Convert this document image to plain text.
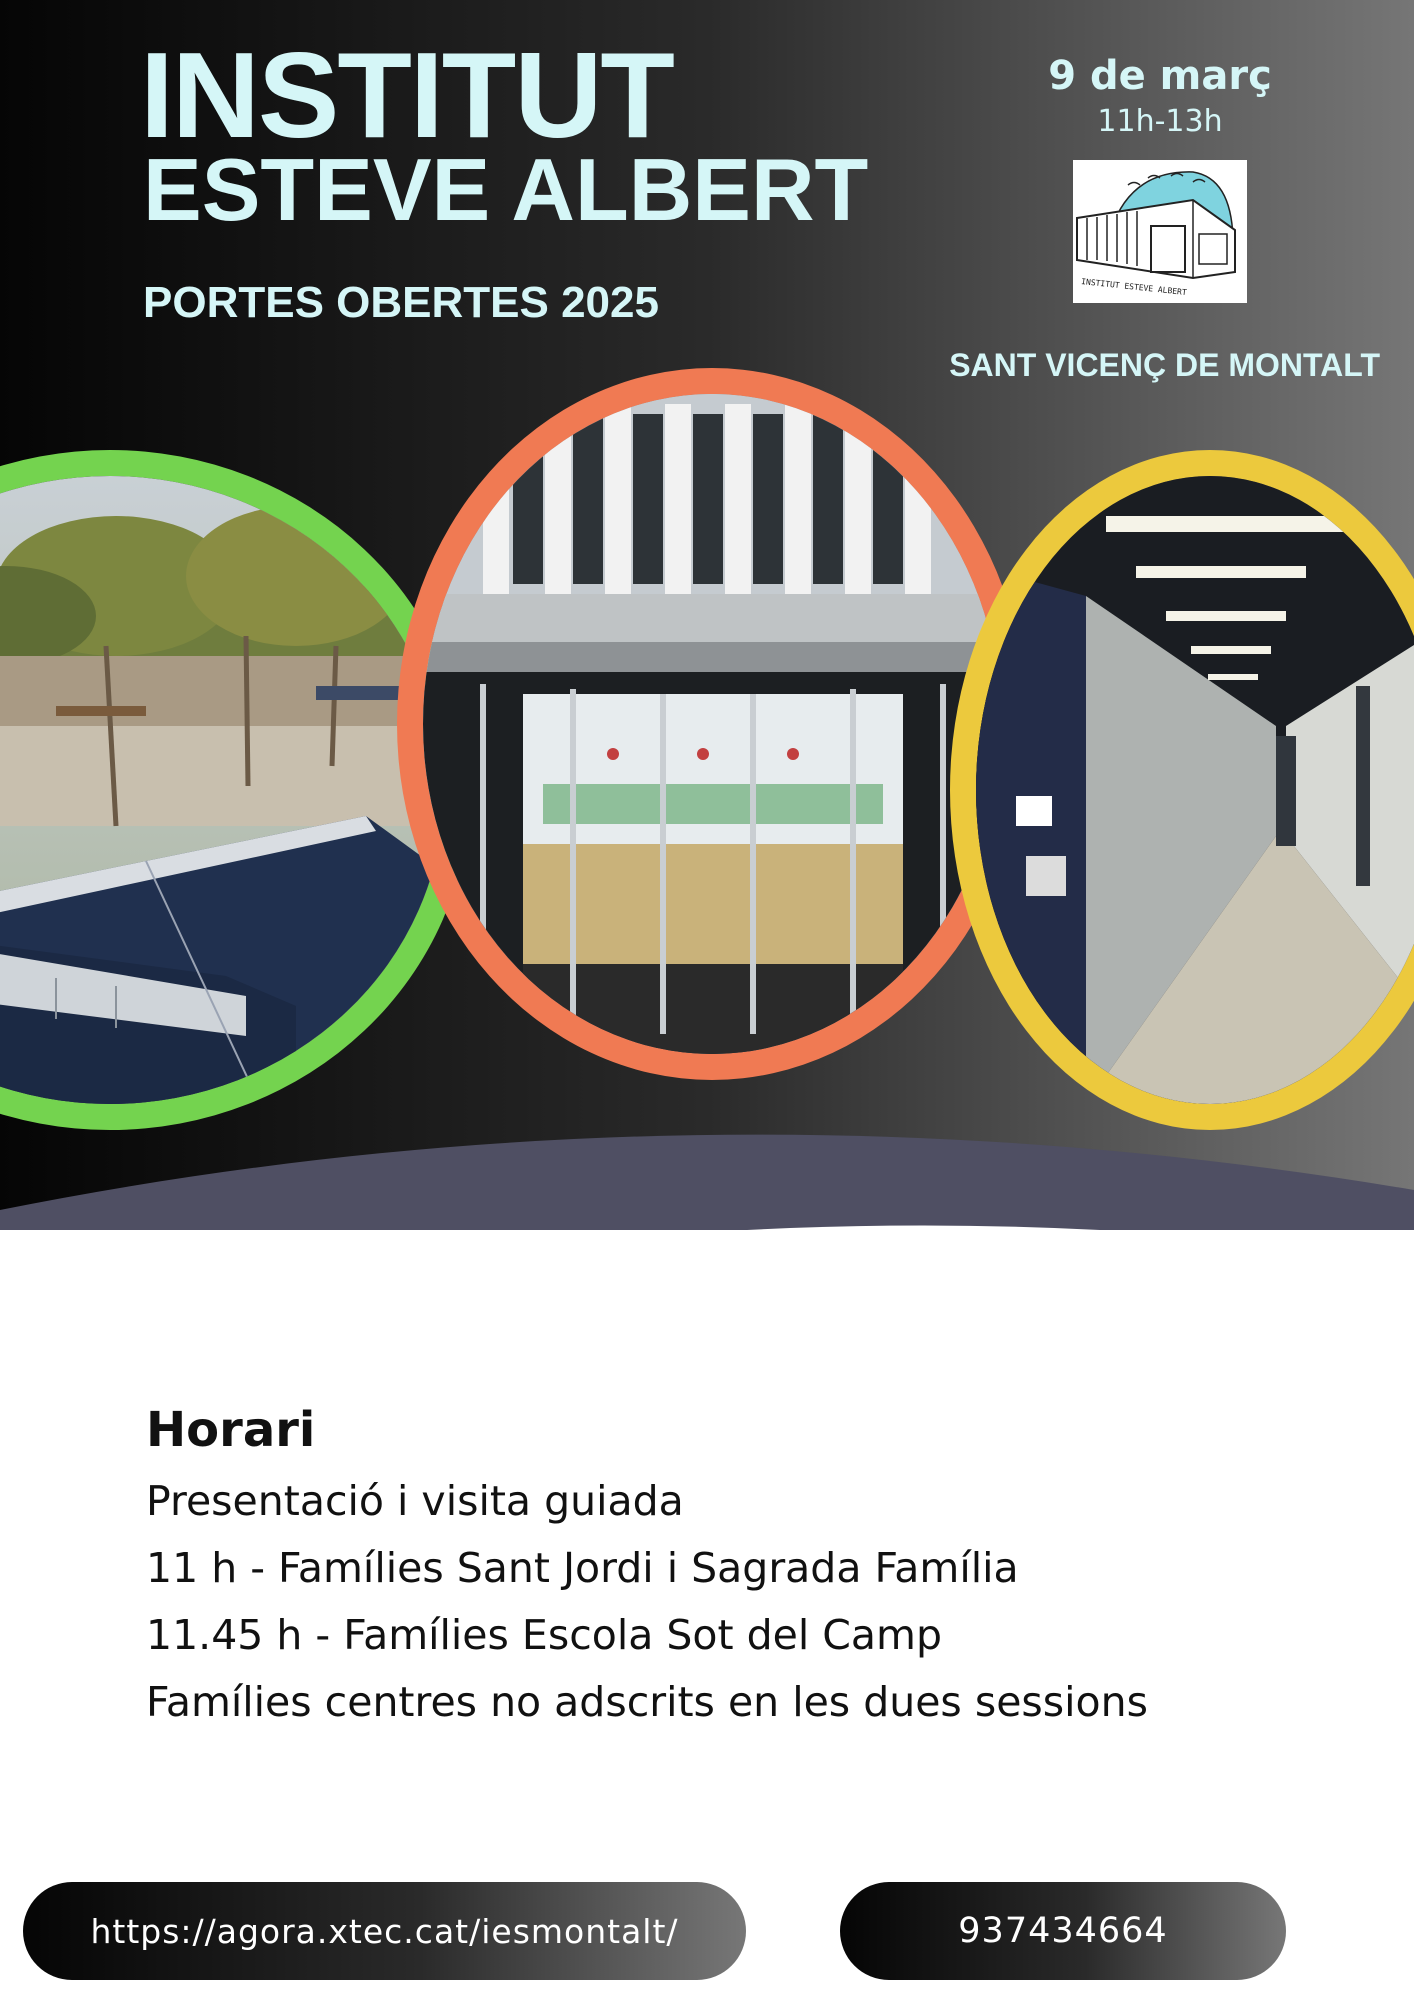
INSTITUT
ESTEVE ALBERT
PORTES OBERTES 2025
9 de març
11h-13h
INSTITUT ESTEVE ALBERT
SANT VICENÇ DE MONTALT
Horari
Presentació i visita guiada
11 h - Famílies Sant Jordi i Sagrada Família
11.45 h - Famílies Escola Sot del Camp
Famílies centres no adscrits en les dues sessions
https://agora.xtec.cat/iesmontalt/	937434664
